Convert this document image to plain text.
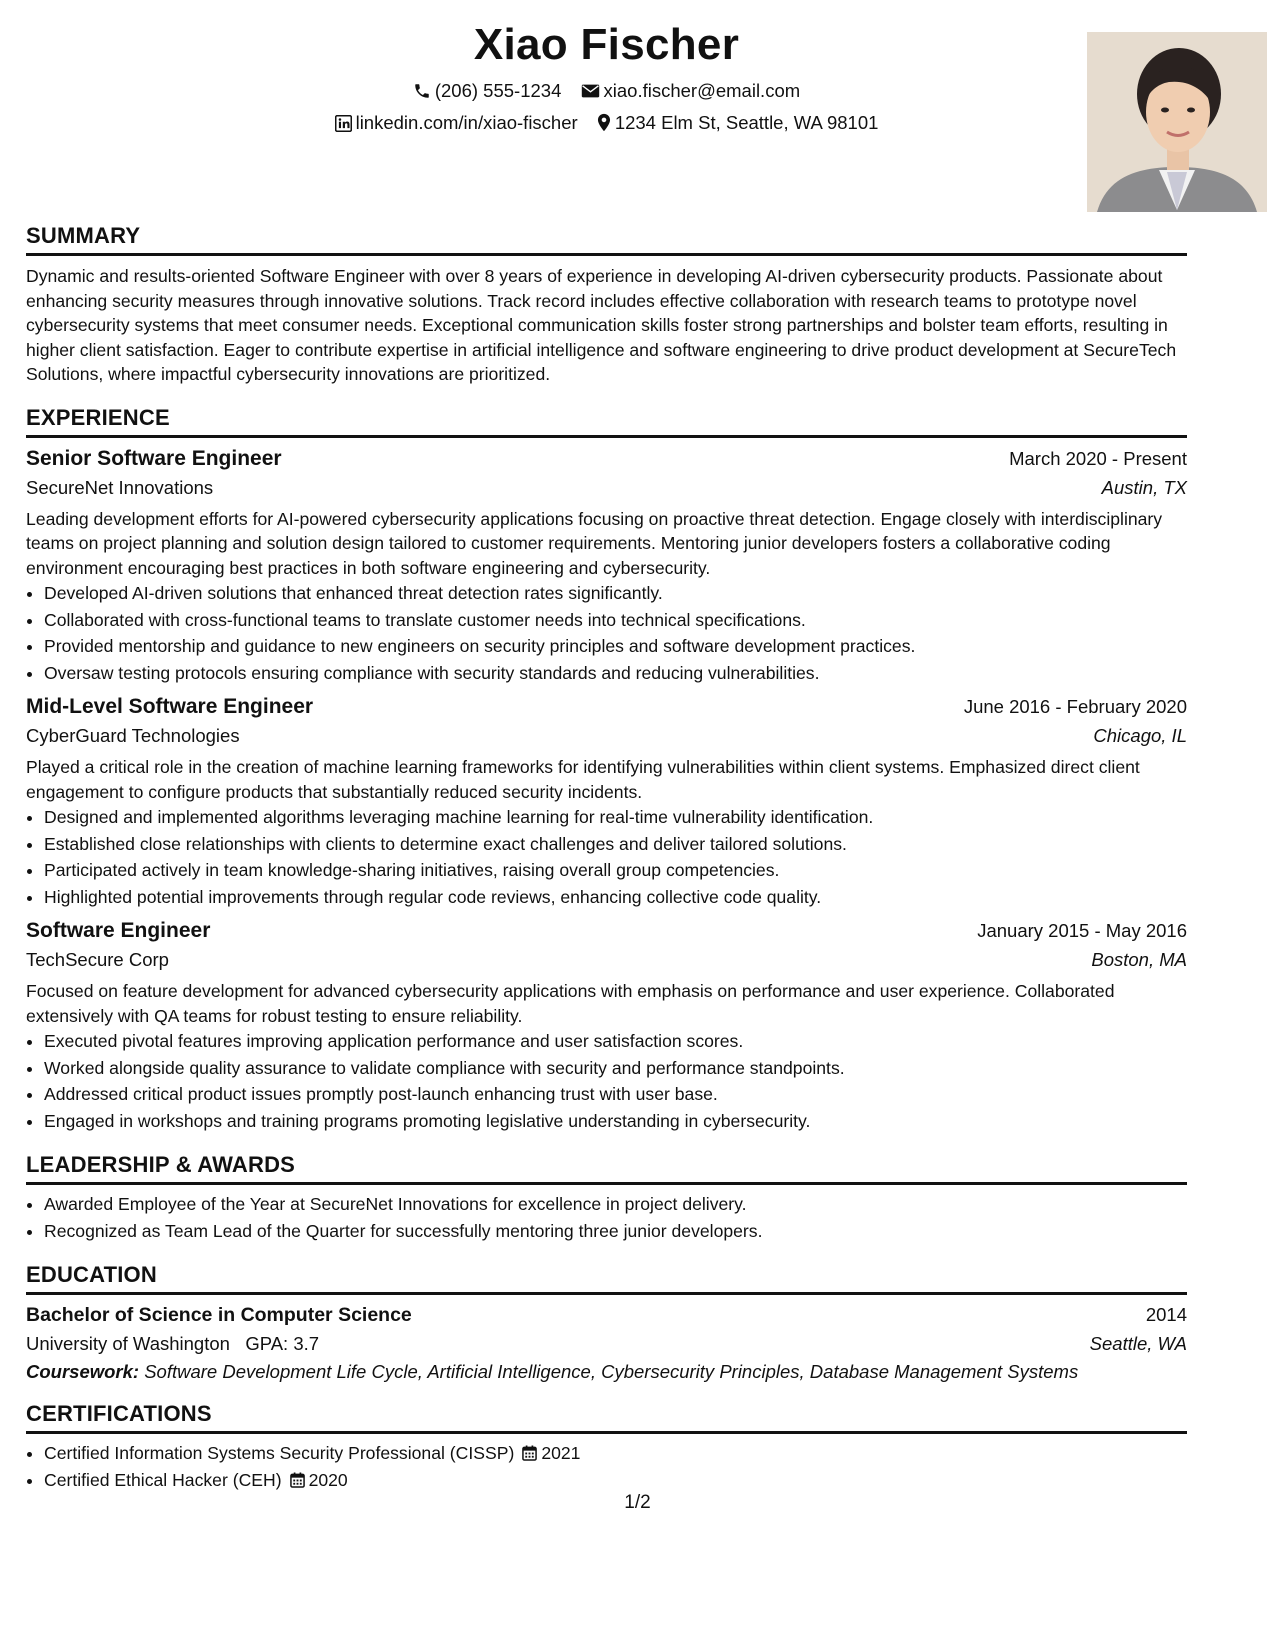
Xiao Fischer
(206) 555-1234 xiao.fischer@email.com
linkedin.com/in/xiao-fischer 1234 Elm St, Seattle, WA 98101
SUMMARY
Dynamic and results-oriented Software Engineer with over 8 years of experience in developing AI-driven cybersecurity products. Passionate about enhancing security measures through innovative solutions. Track record includes effective collaboration with research teams to prototype novel cybersecurity systems that meet consumer needs. Exceptional communication skills foster strong partnerships and bolster team efforts, resulting in higher client satisfaction. Eager to contribute expertise in artificial intelligence and software engineering to drive product development at SecureTech Solutions, where impactful cybersecurity innovations are prioritized.
EXPERIENCE
Senior Software Engineer	March 2020 - Present
SecureNet Innovations	Austin, TX
Leading development efforts for AI-powered cybersecurity applications focusing on proactive threat detection. Engage closely with interdisciplinary teams on project planning and solution design tailored to customer requirements. Mentoring junior developers fosters a collaborative coding environment encouraging best practices in both software engineering and cybersecurity.
• Developed AI-driven solutions that enhanced threat detection rates significantly.
• Collaborated with cross-functional teams to translate customer needs into technical specifications.
• Provided mentorship and guidance to new engineers on security principles and software development practices.
• Oversaw testing protocols ensuring compliance with security standards and reducing vulnerabilities.
Mid-Level Software Engineer	June 2016 - February 2020
CyberGuard Technologies	Chicago, IL
Played a critical role in the creation of machine learning frameworks for identifying vulnerabilities within client systems. Emphasized direct client engagement to configure products that substantially reduced security incidents.
• Designed and implemented algorithms leveraging machine learning for real-time vulnerability identification.
• Established close relationships with clients to determine exact challenges and deliver tailored solutions.
• Participated actively in team knowledge-sharing initiatives, raising overall group competencies.
• Highlighted potential improvements through regular code reviews, enhancing collective code quality.
Software Engineer	January 2015 - May 2016
TechSecure Corp	Boston, MA
Focused on feature development for advanced cybersecurity applications with emphasis on performance and user experience. Collaborated extensively with QA teams for robust testing to ensure reliability.
• Executed pivotal features improving application performance and user satisfaction scores.
• Worked alongside quality assurance to validate compliance with security and performance standpoints.
• Addressed critical product issues promptly post-launch enhancing trust with user base.
• Engaged in workshops and training programs promoting legislative understanding in cybersecurity.
LEADERSHIP & AWARDS
• Awarded Employee of the Year at SecureNet Innovations for excellence in project delivery.
• Recognized as Team Lead of the Quarter for successfully mentoring three junior developers.
EDUCATION
Bachelor of Science in Computer Science	2014
University of Washington GPA: 3.7	Seattle, WA
Coursework: Software Development Life Cycle, Artificial Intelligence, Cybersecurity Principles, Database Management Systems
CERTIFICATIONS
• Certified Information Systems Security Professional (CISSP) 2021
• Certified Ethical Hacker (CEH) 2020
1/2
